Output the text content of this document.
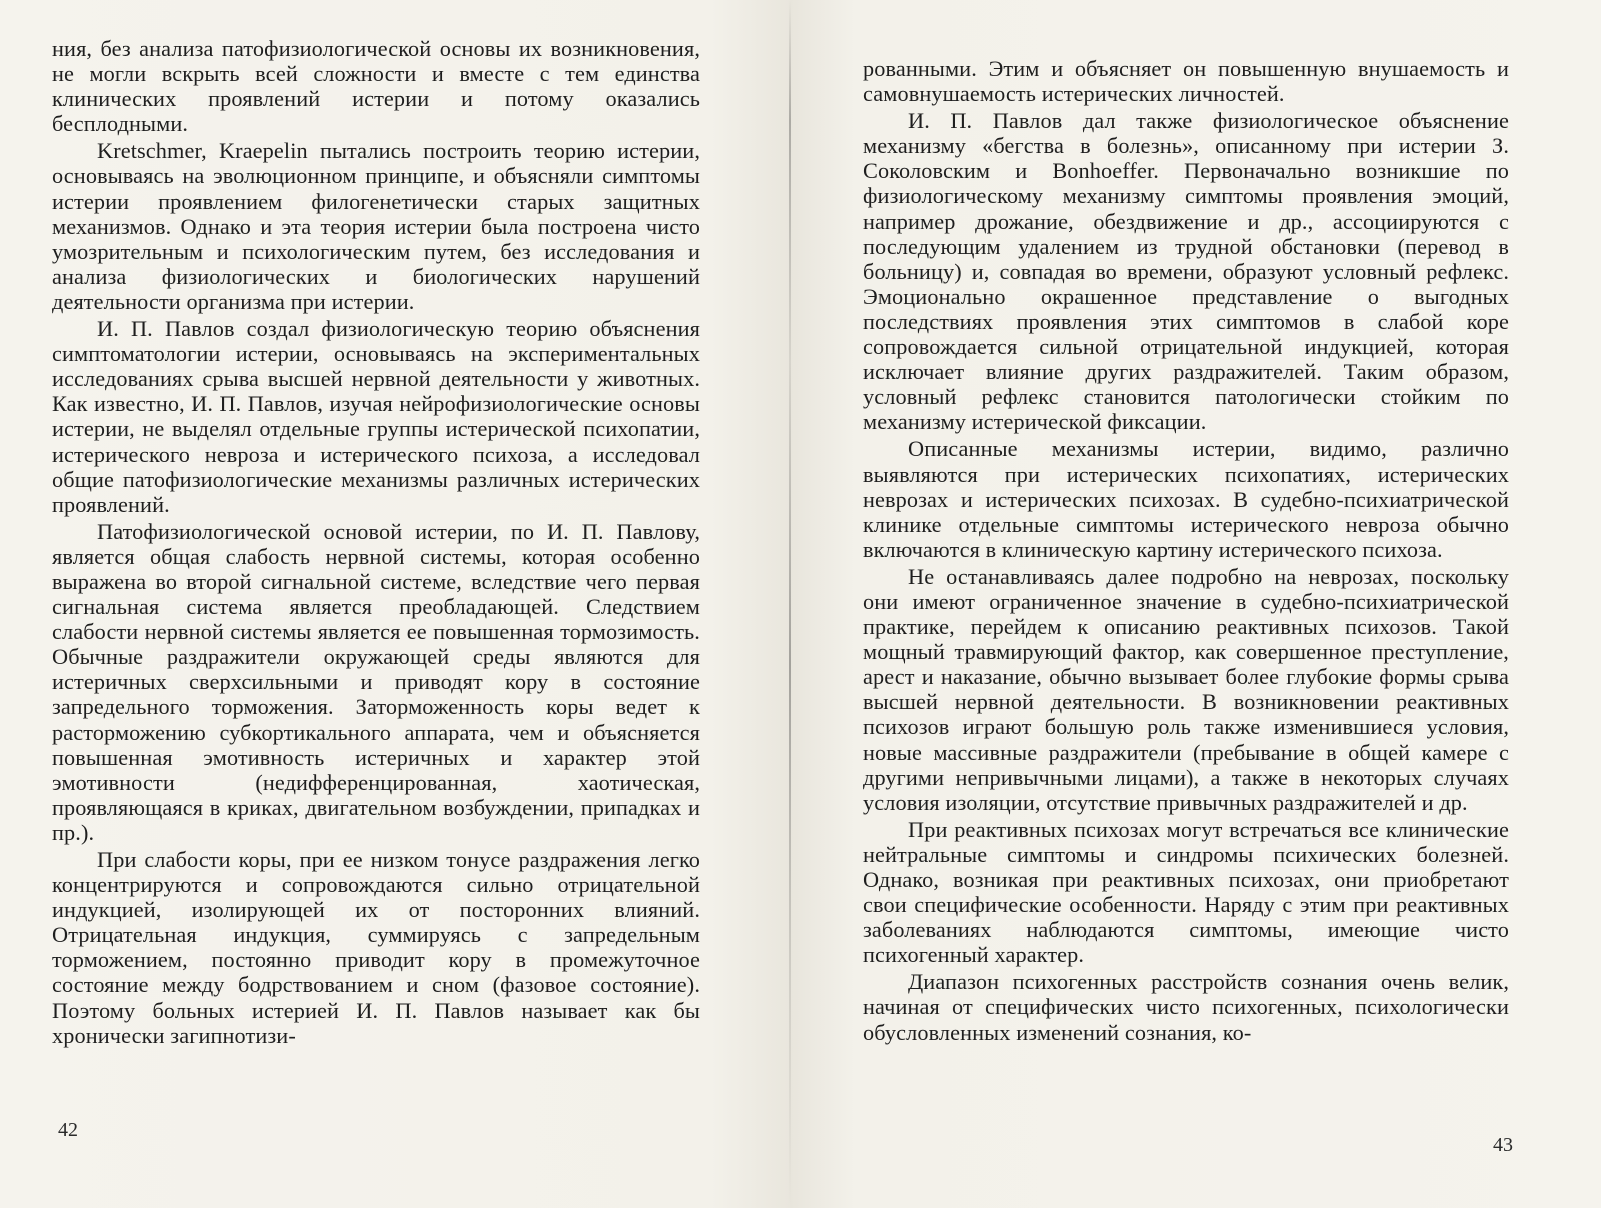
ния, без анализа патофизиологической основы их возникновения, не могли вскрыть всей сложности и вместе с тем единства клинических проявлений истерии и потому оказались бесплодными.

Kretschmer, Kraepelin пытались построить теорию истерии, основываясь на эволюционном принципе, и объясняли симптомы истерии проявлением филогенетически старых защитных механизмов. Однако и эта теория истерии была построена чисто умозрительным и психологическим путем, без исследования и анализа физиологических и биологических нарушений деятельности организма при истерии.

И. П. Павлов создал физиологическую теорию объяснения симптоматологии истерии, основываясь на экспериментальных исследованиях срыва высшей нервной деятельности у животных. Как известно, И. П. Павлов, изучая нейрофизиологические основы истерии, не выделял отдельные группы истерической психопатии, истерического невроза и истерического психоза, а исследовал общие патофизиологические механизмы различных истерических проявлений.

Патофизиологической основой истерии, по И. П. Павлову, является общая слабость нервной системы, которая особенно выражена во второй сигнальной системе, вследствие чего первая сигнальная система является преобладающей. Следствием слабости нервной системы является ее повышенная тормозимость. Обычные раздражители окружающей среды являются для истеричных сверхсильными и приводят кору в состояние запредельного торможения. Заторможенность коры ведет к расторможению субкортикального аппарата, чем и объясняется повышенная эмотивность истеричных и характер этой эмотивности (недифференцированная, хаотическая, проявляющаяся в криках, двигательном возбуждении, припадках и пр.).

При слабости коры, при ее низком тонусе раздражения легко концентрируются и сопровождаются сильно отрицательной индукцией, изолирующей их от посторонних влияний. Отрицательная индукция, суммируясь с запредельным торможением, постоянно приводит кору в промежуточное состояние между бодрствованием и сном (фазовое состояние). Поэтому больных истерией И. П. Павлов называет как бы хронически загипнотизи-

42

рованными. Этим и объясняет он повышенную внушаемость и самовнушаемость истерических личностей.

И. П. Павлов дал также физиологическое объяснение механизму «бегства в болезнь», описанному при истерии З. Соколовским и Bonhoeffer. Первоначально возникшие по физиологическому механизму симптомы проявления эмоций, например дрожание, обездвижение и др., ассоциируются с последующим удалением из трудной обстановки (перевод в больницу) и, совпадая во времени, образуют условный рефлекс. Эмоционально окрашенное представление о выгодных последствиях проявления этих симптомов в слабой коре сопровождается сильной отрицательной индукцией, которая исключает влияние других раздражителей. Таким образом, условный рефлекс становится патологически стойким по механизму истерической фиксации.

Описанные механизмы истерии, видимо, различно выявляются при истерических психопатиях, истерических неврозах и истерических психозах. В судебно-психиатрической клинике отдельные симптомы истерического невроза обычно включаются в клиническую картину истерического психоза.

Не останавливаясь далее подробно на неврозах, поскольку они имеют ограниченное значение в судебно-психиатрической практике, перейдем к описанию реактивных психозов. Такой мощный травмирующий фактор, как совершенное преступление, арест и наказание, обычно вызывает более глубокие формы срыва высшей нервной деятельности. В возникновении реактивных психозов играют большую роль также изменившиеся условия, новые массивные раздражители (пребывание в общей камере с другими непривычными лицами), а также в некоторых случаях условия изоляции, отсутствие привычных раздражителей и др.

При реактивных психозах могут встречаться все клинические нейтральные симптомы и синдромы психических болезней. Однако, возникая при реактивных психозах, они приобретают свои специфические особенности. Наряду с этим при реактивных заболеваниях наблюдаются симптомы, имеющие чисто психогенный характер.

Диапазон психогенных расстройств сознания очень велик, начиная от специфических чисто психогенных, психологически обусловленных изменений сознания, ко-

43
